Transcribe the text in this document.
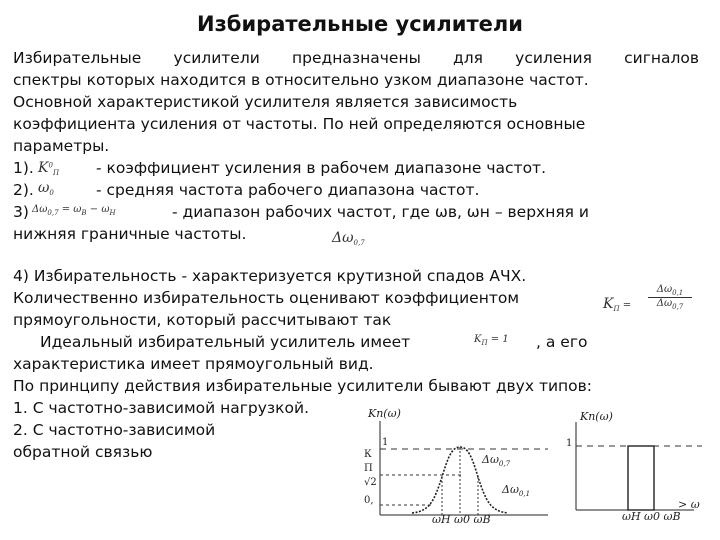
Избирательные усилители
Избирательные усилители предназначены для усиления сигналов
спектры которых находится в относительно узком диапазоне частот.
Основной характеристикой усилителя является зависимость
коэффициента усиления от частоты. По ней определяются основные
параметры.
1). $K^0_П$ - коэффициент усиления в рабочем диапазоне частот.
2). $\omega_0$	- средняя частота рабочего диапазона частот.
3) $\Delta\omega_{0,7} = \omega_В - \omega_Н$	- диапазон рабочих частот, где ωв, ωн – верхняя и
нижняя граничные частоты.	$\Delta\omega_{0,7}$
4) Избирательность - характеризуется крутизной спадов АЧХ.
Количественно избирательность оценивают коэффициентом
прямоугольности, который рассчитывают так
Идеальный избирательный усилитель имеет	$K_П = 1$ , а его
характеристика имеет прямоугольный вид.
По принципу действия избирательные усилители бывают двух типов:
1. С частотно-зависимой нагрузкой.
2. С частотно-зависимой
обратной связью
$K_П$ =
$\Delta\omega_{0,1}$
$\Delta\omega_{0,7}$
Kп(ω)
1
К
П
√2
0,
$\Delta\omega_{0,7}$
$\Delta\omega_{0,1}$
ωН ω0 ωВ
Kп(ω)
1
ωН ω0 ωВ
> ω
